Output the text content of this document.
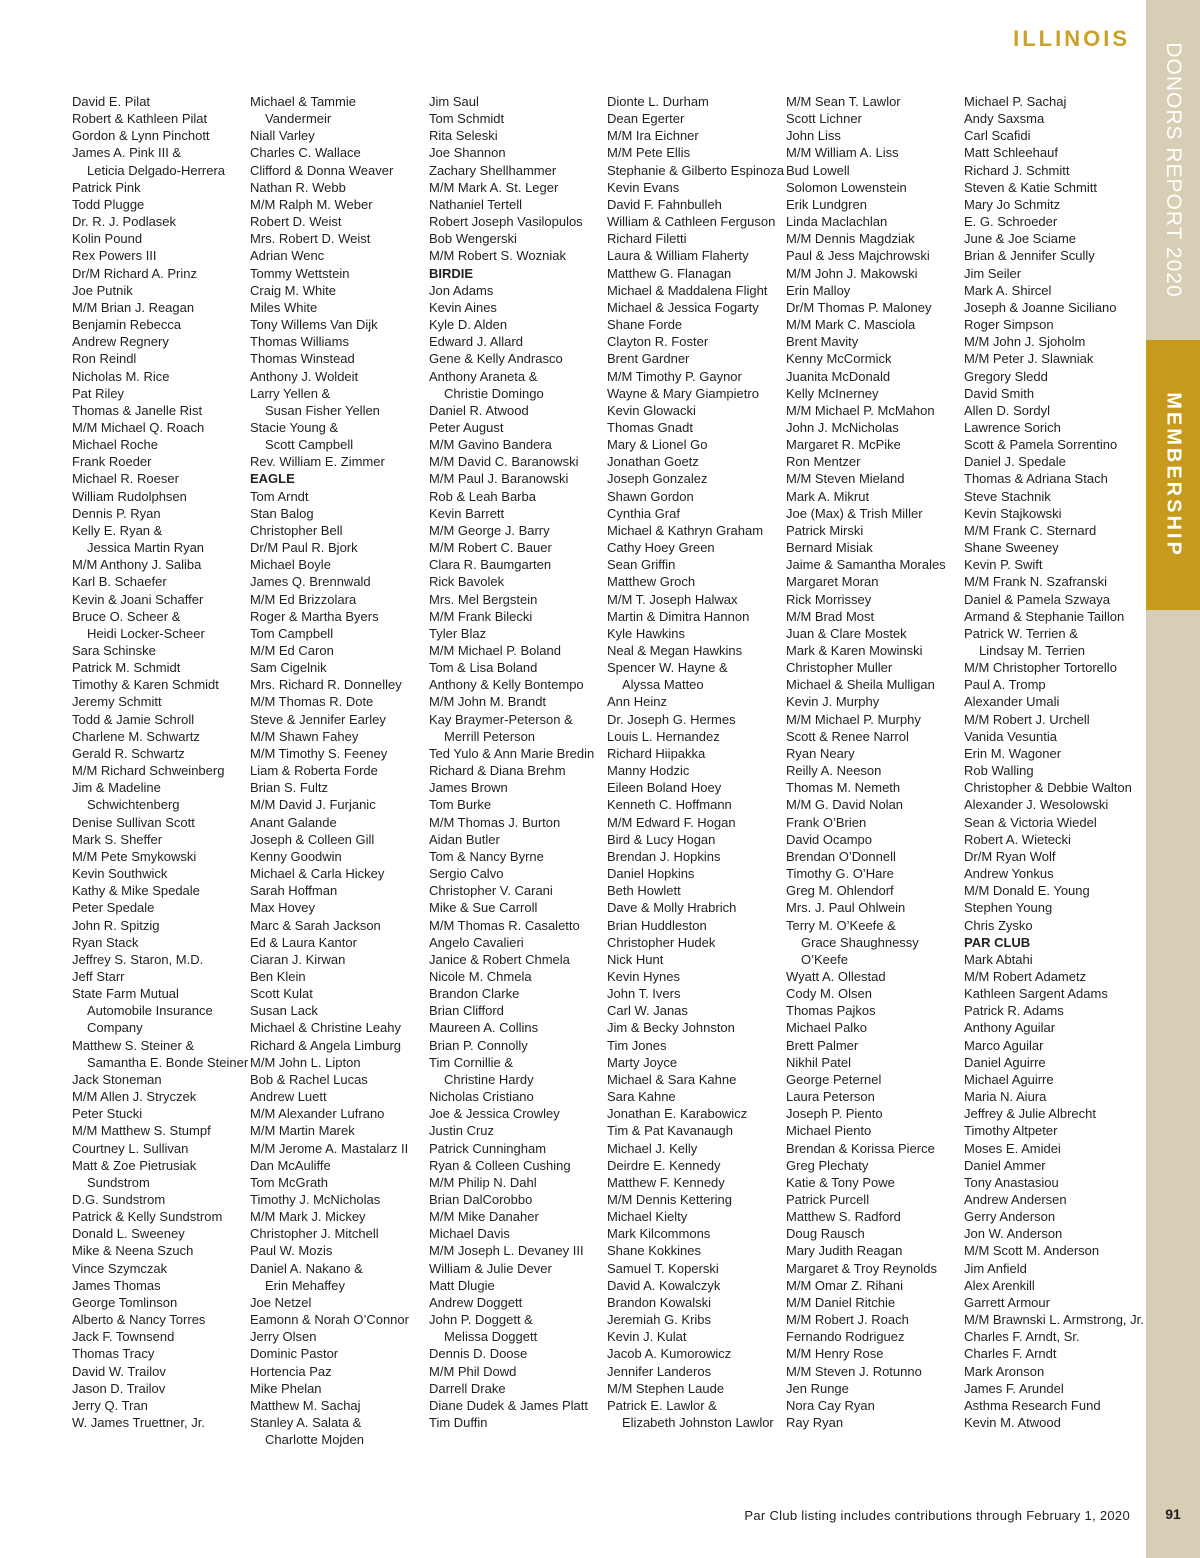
ILLINOIS
DONORS REPORT 2020
MEMBERSHIP
91
David E. Pilat
Robert & Kathleen Pilat
Gordon & Lynn Pinchott
James A. Pink III &
Leticia Delgado-Herrera
Patrick Pink
Todd Plugge
Dr. R. J. Podlasek
Kolin Pound
Rex Powers III
Dr/M Richard A. Prinz
Joe Putnik
M/M Brian J. Reagan
Benjamin Rebecca
Andrew Regnery
Ron Reindl
Nicholas M. Rice
Pat Riley
Thomas & Janelle Rist
M/M Michael Q. Roach
Michael Roche
Frank Roeder
Michael R. Roeser
William Rudolphsen
Dennis P. Ryan
Kelly E. Ryan &
Jessica Martin Ryan
M/M Anthony J. Saliba
Karl B. Schaefer
Kevin & Joani Schaffer
Bruce O. Scheer &
Heidi Locker-Scheer
Sara Schinske
Patrick M. Schmidt
Timothy & Karen Schmidt
Jeremy Schmitt
Todd & Jamie Schroll
Charlene M. Schwartz
Gerald R. Schwartz
M/M Richard Schweinberg
Jim & Madeline
Schwichtenberg
Denise Sullivan Scott
Mark S. Sheffer
M/M Pete Smykowski
Kevin Southwick
Kathy & Mike Spedale
Peter Spedale
John R. Spitzig
Ryan Stack
Jeffrey S. Staron, M.D.
Jeff Starr
State Farm Mutual
Automobile Insurance
Company
Matthew S. Steiner &
Samantha E. Bonde Steiner
Jack Stoneman
M/M Allen J. Stryczek
Peter Stucki
M/M Matthew S. Stumpf
Courtney L. Sullivan
Matt & Zoe Pietrusiak
Sundstrom
D.G. Sundstrom
Patrick & Kelly Sundstrom
Donald L. Sweeney
Mike & Neena Szuch
Vince Szymczak
James Thomas
George Tomlinson
Alberto & Nancy Torres
Jack F. Townsend
Thomas Tracy
David W. Trailov
Jason D. Trailov
Jerry Q. Tran
W. James Truettner, Jr.
Michael & Tammie
Vandermeir
Niall Varley
Charles C. Wallace
Clifford & Donna Weaver
Nathan R. Webb
M/M Ralph M. Weber
Robert D. Weist
Mrs. Robert D. Weist
Adrian Wenc
Tommy Wettstein
Craig M. White
Miles White
Tony Willems Van Dijk
Thomas Williams
Thomas Winstead
Anthony J. Woldeit
Larry Yellen &
Susan Fisher Yellen
Stacie Young &
Scott Campbell
Rev. William E. Zimmer
EAGLE
Tom Arndt
Stan Balog
Christopher Bell
Dr/M Paul R. Bjork
Michael Boyle
James Q. Brennwald
M/M Ed Brizzolara
Roger & Martha Byers
Tom Campbell
M/M Ed Caron
Sam Cigelnik
Mrs. Richard R. Donnelley
M/M Thomas R. Dote
Steve & Jennifer Earley
M/M Shawn Fahey
M/M Timothy S. Feeney
Liam & Roberta Forde
Brian S. Fultz
M/M David J. Furjanic
Anant Galande
Joseph & Colleen Gill
Kenny Goodwin
Michael & Carla Hickey
Sarah Hoffman
Max Hovey
Marc & Sarah Jackson
Ed & Laura Kantor
Ciaran J. Kirwan
Ben Klein
Scott Kulat
Susan Lack
Michael & Christine Leahy
Richard & Angela Limburg
M/M John L. Lipton
Bob & Rachel Lucas
Andrew Luett
M/M Alexander Lufrano
M/M Martin Marek
M/M Jerome A. Mastalarz II
Dan McAuliffe
Tom McGrath
Timothy J. McNicholas
M/M Mark J. Mickey
Christopher J. Mitchell
Paul W. Mozis
Daniel A. Nakano &
Erin Mehaffey
Joe Netzel
Eamonn & Norah O’Connor
Jerry Olsen
Dominic Pastor
Hortencia Paz
Mike Phelan
Matthew M. Sachaj
Stanley A. Salata &
Charlotte Mojden
Jim Saul
Tom Schmidt
Rita Seleski
Joe Shannon
Zachary Shellhammer
M/M Mark A. St. Leger
Nathaniel Tertell
Robert Joseph Vasilopulos
Bob Wengerski
M/M Robert S. Wozniak
BIRDIE
Jon Adams
Kevin Aines
Kyle D. Alden
Edward J. Allard
Gene & Kelly Andrasco
Anthony Araneta &
Christie Domingo
Daniel R. Atwood
Peter August
M/M Gavino Bandera
M/M David C. Baranowski
M/M Paul J. Baranowski
Rob & Leah Barba
Kevin Barrett
M/M George J. Barry
M/M Robert C. Bauer
Clara R. Baumgarten
Rick Bavolek
Mrs. Mel Bergstein
M/M Frank Bilecki
Tyler Blaz
M/M Michael P. Boland
Tom & Lisa Boland
Anthony & Kelly Bontempo
M/M John M. Brandt
Kay Braymer-Peterson &
Merrill Peterson
Ted Yulo & Ann Marie Bredin
Richard & Diana Brehm
James Brown
Tom Burke
M/M Thomas J. Burton
Aidan Butler
Tom & Nancy Byrne
Sergio Calvo
Christopher V. Carani
Mike & Sue Carroll
M/M Thomas R. Casaletto
Angelo Cavalieri
Janice & Robert Chmela
Nicole M. Chmela
Brandon Clarke
Brian Clifford
Maureen A. Collins
Brian P. Connolly
Tim Cornillie &
Christine Hardy
Nicholas Cristiano
Joe & Jessica Crowley
Justin Cruz
Patrick Cunningham
Ryan & Colleen Cushing
M/M Philip N. Dahl
Brian DalCorobbo
M/M Mike Danaher
Michael Davis
M/M Joseph L. Devaney III
William & Julie Dever
Matt Dlugie
Andrew Doggett
John P. Doggett &
Melissa Doggett
Dennis D. Doose
M/M Phil Dowd
Darrell Drake
Diane Dudek & James Platt
Tim Duffin
Dionte L. Durham
Dean Egerter
M/M Ira Eichner
M/M Pete Ellis
Stephanie & Gilberto Espinoza
Kevin Evans
David F. Fahnbulleh
William & Cathleen Ferguson
Richard Filetti
Laura & William Flaherty
Matthew G. Flanagan
Michael & Maddalena Flight
Michael & Jessica Fogarty
Shane Forde
Clayton R. Foster
Brent Gardner
M/M Timothy P. Gaynor
Wayne & Mary Giampietro
Kevin Glowacki
Thomas Gnadt
Mary & Lionel Go
Jonathan Goetz
Joseph Gonzalez
Shawn Gordon
Cynthia Graf
Michael & Kathryn Graham
Cathy Hoey Green
Sean Griffin
Matthew Groch
M/M T. Joseph Halwax
Martin & Dimitra Hannon
Kyle Hawkins
Neal & Megan Hawkins
Spencer W. Hayne &
Alyssa Matteo
Ann Heinz
Dr. Joseph G. Hermes
Louis L. Hernandez
Richard Hiipakka
Manny Hodzic
Eileen Boland Hoey
Kenneth C. Hoffmann
M/M Edward F. Hogan
Bird & Lucy Hogan
Brendan J. Hopkins
Daniel Hopkins
Beth Howlett
Dave & Molly Hrabrich
Brian Huddleston
Christopher Hudek
Nick Hunt
Kevin Hynes
John T. Ivers
Carl W. Janas
Jim & Becky Johnston
Tim Jones
Marty Joyce
Michael & Sara Kahne
Sara Kahne
Jonathan E. Karabowicz
Tim & Pat Kavanaugh
Michael J. Kelly
Deirdre E. Kennedy
Matthew F. Kennedy
M/M Dennis Kettering
Michael Kielty
Mark Kilcommons
Shane Kokkines
Samuel T. Koperski
David A. Kowalczyk
Brandon Kowalski
Jeremiah G. Kribs
Kevin J. Kulat
Jacob A. Kumorowicz
Jennifer Landeros
M/M Stephen Laude
Patrick E. Lawlor &
Elizabeth Johnston Lawlor
M/M Sean T. Lawlor
Scott Lichner
John Liss
M/M William A. Liss
Bud Lowell
Solomon Lowenstein
Erik Lundgren
Linda Maclachlan
M/M Dennis Magdziak
Paul & Jess Majchrowski
M/M John J. Makowski
Erin Malloy
Dr/M Thomas P. Maloney
M/M Mark C. Masciola
Brent Mavity
Kenny McCormick
Juanita McDonald
Kelly McInerney
M/M Michael P. McMahon
John J. McNicholas
Margaret R. McPike
Ron Mentzer
M/M Steven Mieland
Mark A. Mikrut
Joe (Max) & Trish Miller
Patrick Mirski
Bernard Misiak
Jaime & Samantha Morales
Margaret Moran
Rick Morrissey
M/M Brad Most
Juan & Clare Mostek
Mark & Karen Mowinski
Christopher Muller
Michael & Sheila Mulligan
Kevin J. Murphy
M/M Michael P. Murphy
Scott & Renee Narrol
Ryan Neary
Reilly A. Neeson
Thomas M. Nemeth
M/M G. David Nolan
Frank O’Brien
David Ocampo
Brendan O’Donnell
Timothy G. O’Hare
Greg M. Ohlendorf
Mrs. J. Paul Ohlwein
Terry M. O’Keefe &
Grace Shaughnessy
O’Keefe
Wyatt A. Ollestad
Cody M. Olsen
Thomas Pajkos
Michael Palko
Brett Palmer
Nikhil Patel
George Peternel
Laura Peterson
Joseph P. Piento
Michael Piento
Brendan & Korissa Pierce
Greg Plechaty
Katie & Tony Powe
Patrick Purcell
Matthew S. Radford
Doug Rausch
Mary Judith Reagan
Margaret & Troy Reynolds
M/M Omar Z. Rihani
M/M Daniel Ritchie
M/M Robert J. Roach
Fernando Rodriguez
M/M Henry Rose
M/M Steven J. Rotunno
Jen Runge
Nora Cay Ryan
Ray Ryan
Michael P. Sachaj
Andy Saxsma
Carl Scafidi
Matt Schleehauf
Richard J. Schmitt
Steven & Katie Schmitt
Mary Jo Schmitz
E. G. Schroeder
June & Joe Sciame
Brian & Jennifer Scully
Jim Seiler
Mark A. Shircel
Joseph & Joanne Siciliano
Roger Simpson
M/M John J. Sjoholm
M/M Peter J. Slawniak
Gregory Sledd
David Smith
Allen D. Sordyl
Lawrence Sorich
Scott & Pamela Sorrentino
Daniel J. Spedale
Thomas & Adriana Stach
Steve Stachnik
Kevin Stajkowski
M/M Frank C. Sternard
Shane Sweeney
Kevin P. Swift
M/M Frank N. Szafranski
Daniel & Pamela Szwaya
Armand & Stephanie Taillon
Patrick W. Terrien &
Lindsay M. Terrien
M/M Christopher Tortorello
Paul A. Tromp
Alexander Umali
M/M Robert J. Urchell
Vanida Vesuntia
Erin M. Wagoner
Rob Walling
Christopher & Debbie Walton
Alexander J. Wesolowski
Sean & Victoria Wiedel
Robert A. Wietecki
Dr/M Ryan Wolf
Andrew Yonkus
M/M Donald E. Young
Stephen Young
Chris Zysko
PAR CLUB
Mark Abtahi
M/M Robert Adametz
Kathleen Sargent Adams
Patrick R. Adams
Anthony Aguilar
Marco Aguilar
Daniel Aguirre
Michael Aguirre
Maria N. Aiura
Jeffrey & Julie Albrecht
Timothy Altpeter
Moses E. Amidei
Daniel Ammer
Tony Anastasiou
Andrew Andersen
Gerry Anderson
Jon W. Anderson
M/M Scott M. Anderson
Jim Anfield
Alex Arenkill
Garrett Armour
M/M Brawnski L. Armstrong, Jr.
Charles F. Arndt, Sr.
Charles F. Arndt
Mark Aronson
James F. Arundel
Asthma Research Fund
Kevin M. Atwood
Par Club listing includes contributions through February 1, 2020
